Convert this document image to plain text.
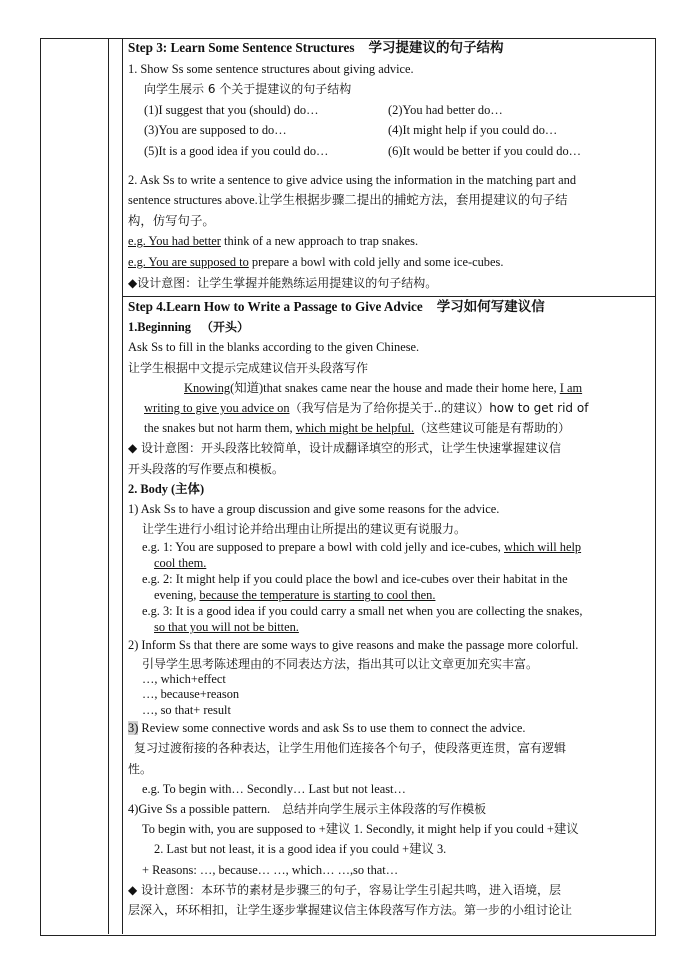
Step 3: Learn Some Sentence Structures 学习提建议的句子结构
1. Show Ss some sentence structures about giving advice.
向学生展示 6 个关于提建议的句子结构
(1)I suggest that you (should) do…	(2)You had better do…
(3)You are supposed to do…	(4)It might help if you could do…
(5)It is a good idea if you could do…	(6)It would be better if you could do…
2. Ask Ss to write a sentence to give advice using the information in the matching part and
sentence structures above.让学生根据步骤二提出的捕蛇方法，套用提建议的句子结
构，仿写句子。
e.g. You had better think of a new approach to trap snakes.
e.g. You are supposed to prepare a bowl with cold jelly and some ice-cubes.
◆设计意图：让学生掌握并能熟练运用提建议的句子结构。
Step 4.Learn How to Write a Passage to Give Advice 学习如何写建议信
1.Beginning （开头）
Ask Ss to fill in the blanks according to the given Chinese.
让学生根据中文提示完成建议信开头段落写作
Knowing(知道)that snakes came near the house and made their home here, I am
writing to give you advice on（我写信是为了给你提关于..的建议）how to get rid of
the snakes but not harm them, which might be helpful.（这些建议可能是有帮助的）
◆ 设计意图：开头段落比较简单，设计成翻译填空的形式，让学生快速掌握建议信
开头段落的写作要点和模板。
2. Body (主体)
1) Ask Ss to have a group discussion and give some reasons for the advice.
让学生进行小组讨论并给出理由让所提出的建议更有说服力。
e.g. 1: You are supposed to prepare a bowl with cold jelly and ice-cubes, which will help
cool them.
e.g. 2: It might help if you could place the bowl and ice-cubes over their habitat in the
evening, because the temperature is starting to cool then.
e.g. 3: It is a good idea if you could carry a small net when you are collecting the snakes,
so that you will not be bitten.
2) Inform Ss that there are some ways to give reasons and make the passage more colorful.
引导学生思考陈述理由的不同表达方法，指出其可以让文章更加充实丰富。
…, which+effect
…, because+reason
…, so that+ result
3) Review some connective words and ask Ss to use them to connect the advice.
复习过渡衔接的各种表达，让学生用他们连接各个句子，使段落更连贯，富有逻辑
性。
e.g. To begin with… Secondly… Last but not least…
4)Give Ss a possible pattern. 总结并向学生展示主体段落的写作模板
To begin with, you are supposed to +建议 1. Secondly, it might help if you could +建议
2. Last but not least, it is a good idea if you could +建议 3.
+ Reasons: …, because… …, which… …,so that…
◆ 设计意图：本环节的素材是步骤三的句子，容易让学生引起共鸣，进入语境，层
层深入，环环相扣，让学生逐步掌握建议信主体段落写作方法。第一步的小组讨论让
